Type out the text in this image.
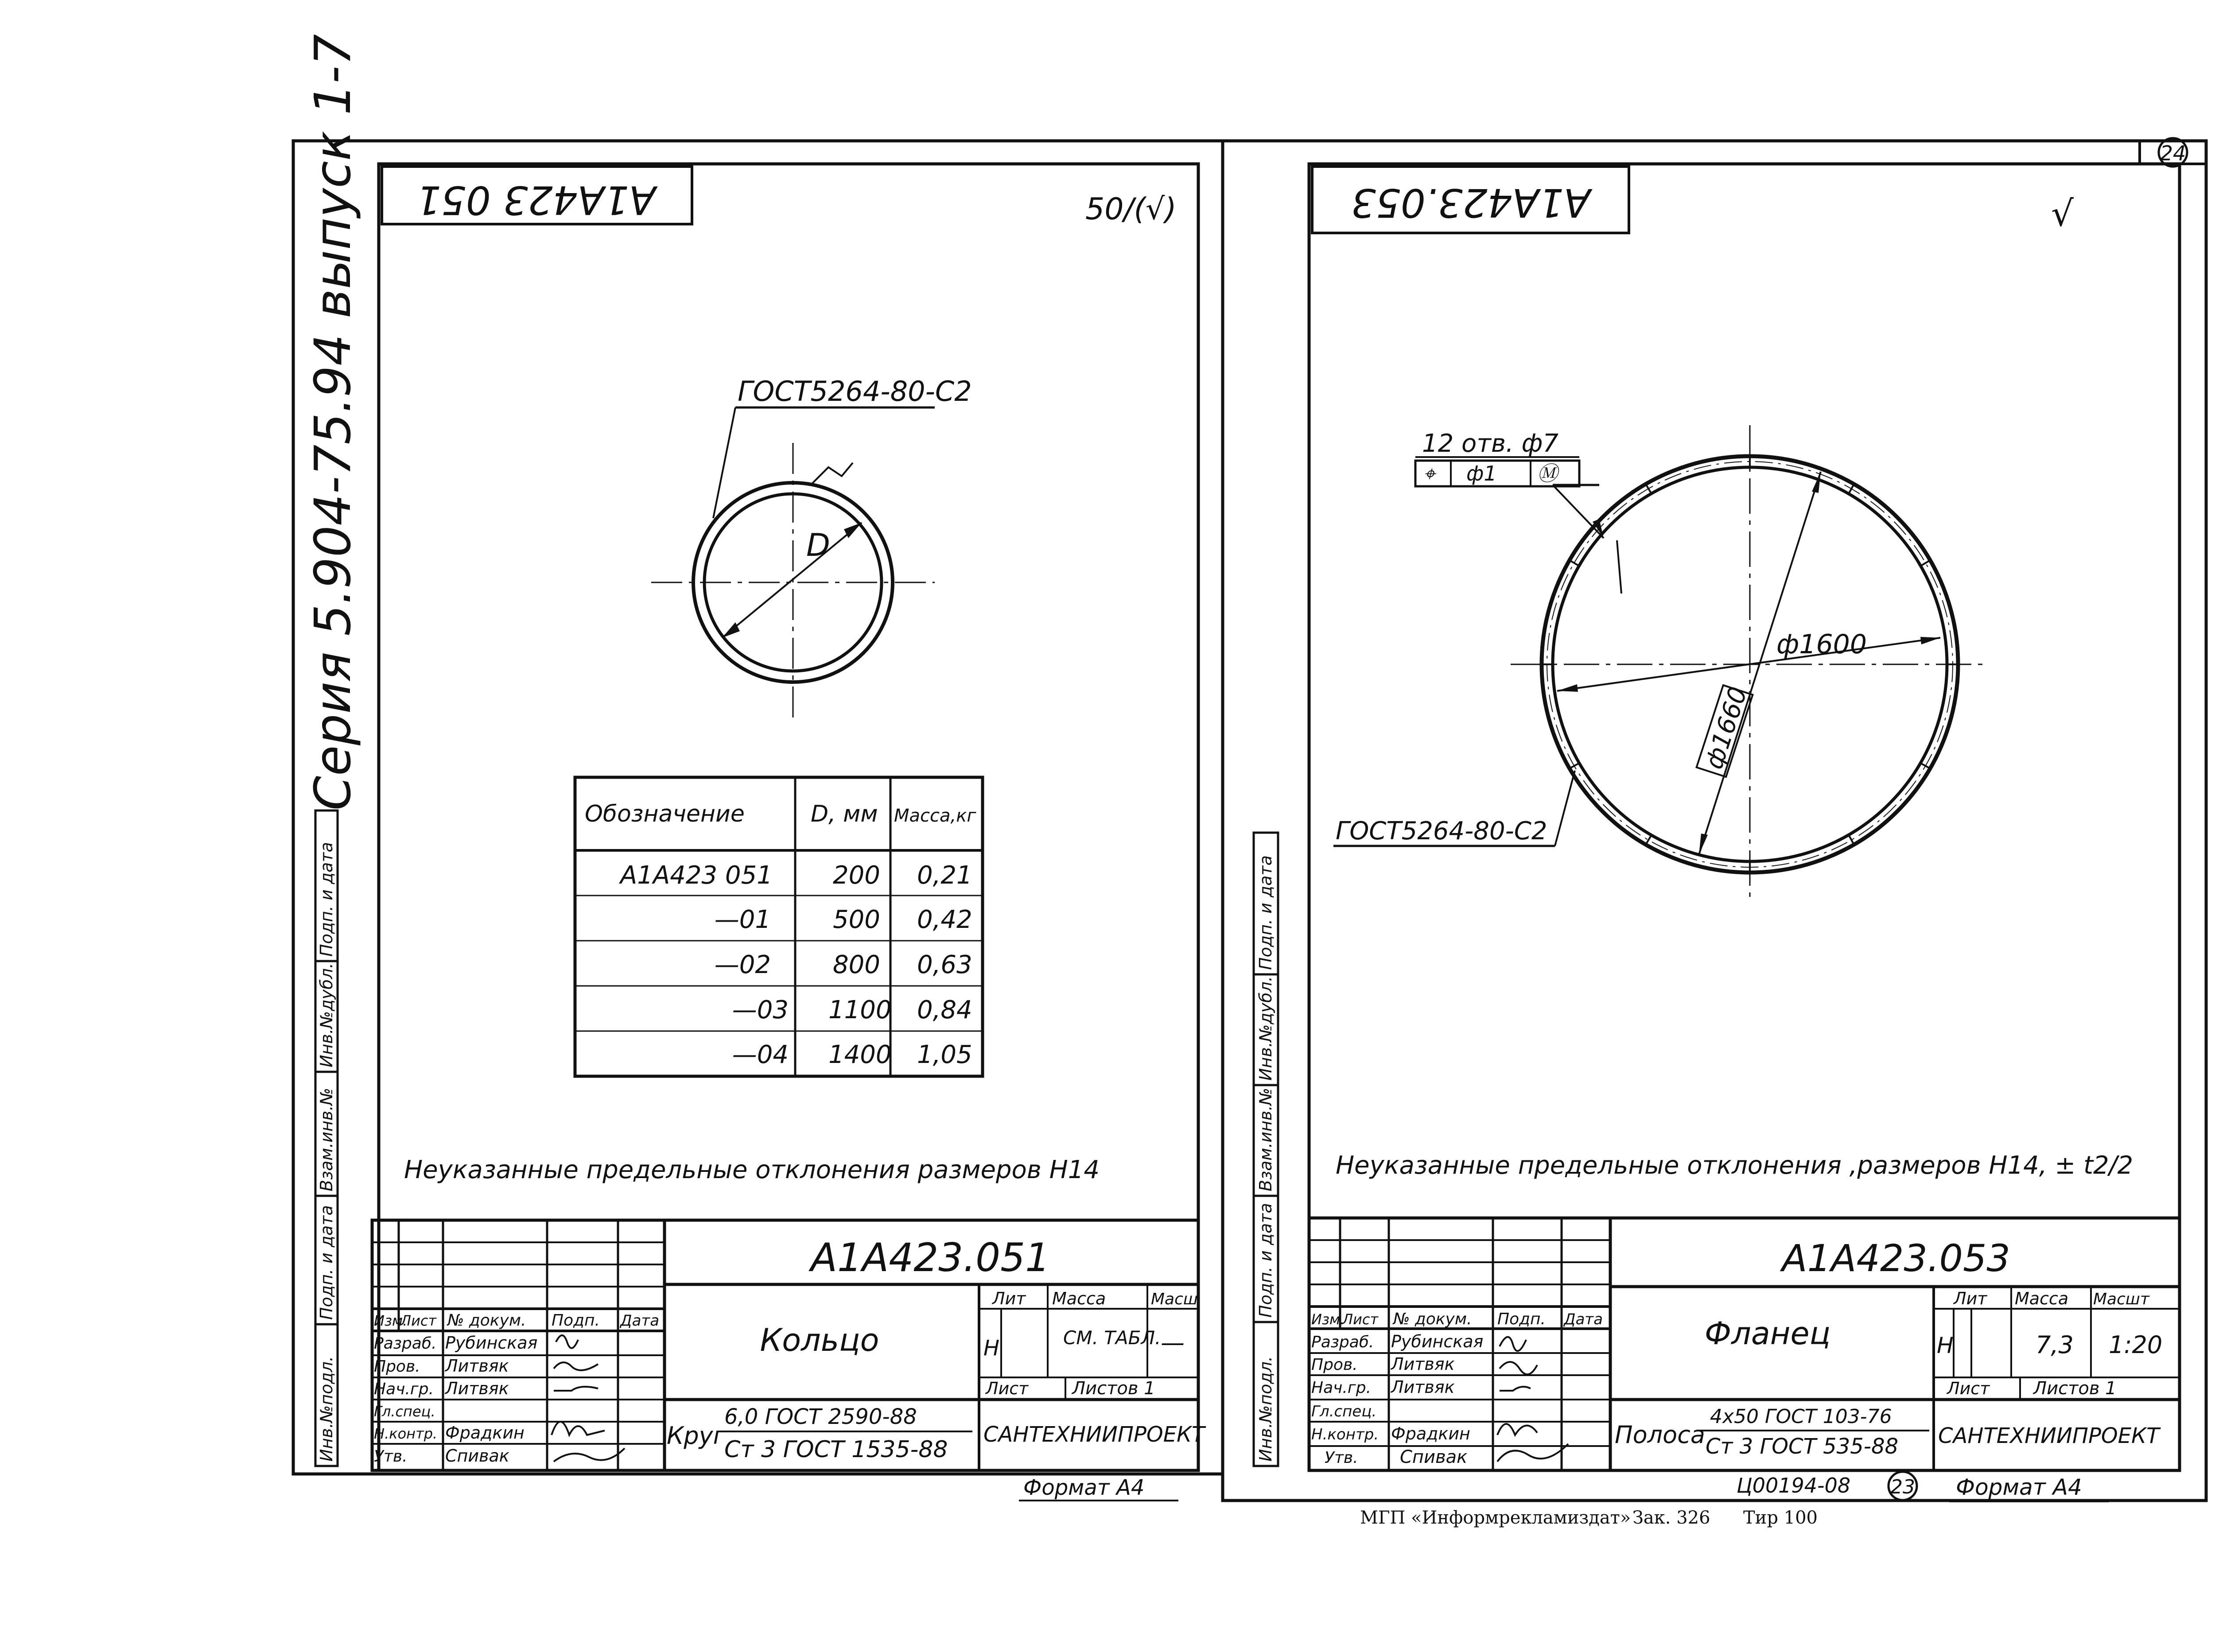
A1A423 051	50/(√)
Серия 5.904-75.94 выпуск 1-7
Подп. и дата
Инв.№дубл.
Взам.инв.№
Подп. и дата
Инв.№подл.
D
ГОСТ5264-80-С2
Обозначение	D, мм Масса,кг
A1A423 051 200 0,21
—01	500 0,42
—02	800 0,63
—03 1100 0,84
—04 1400 1,05
Неуказанные предельные отклонения размеров Н14
Изм.
Лист № докум. Подп. Дата
Разраб. Рубинская
Пров. Литвяк
Нач.гр. Литвяк
Гл.спец.
Н.контр. Фрадкин
Утв. Спивак
A1A423.051
Кольцо
Лит Масса	Масш
Н	СМ. ТАБЛ. —
Лист Листов 1
Круг
6,0 ГОСТ 2590-88
Ст 3 ГОСТ 1535-88
САНТЕХНИИПРОЕКТ
Формат А4
24
A1A423.053	√
Подп. и дата
Инв.№дубл.
Взам.инв.№
Подп. и дата
Инв.№подл.
ф1600
ф1660
12 отв. ф7
⌖ ф1 Ⓜ
ГОСТ5264-80-С2
Неуказанные предельные отклонения ,размеров Н14, ± t2/2
Изм.
Лист № докум. Подп. Дата
Разраб. Рубинская
Пров. Литвяк
Нач.гр. Литвяк
Гл.спец.
Н.контр. Фрадкин
Утв. Спивак
A1A423.053
Фланец
Лит Масса Масшт
Н	7,3 1:20
Лист Листов 1
Полоса
4х50 ГОСТ 103-76
Ст 3 ГОСТ 535-88 САНТЕХНИИПРОЕКТ
Ц00194-08 23 Формат А4
МГП «Информрекламиздат» Зак. 326 Тир 100
